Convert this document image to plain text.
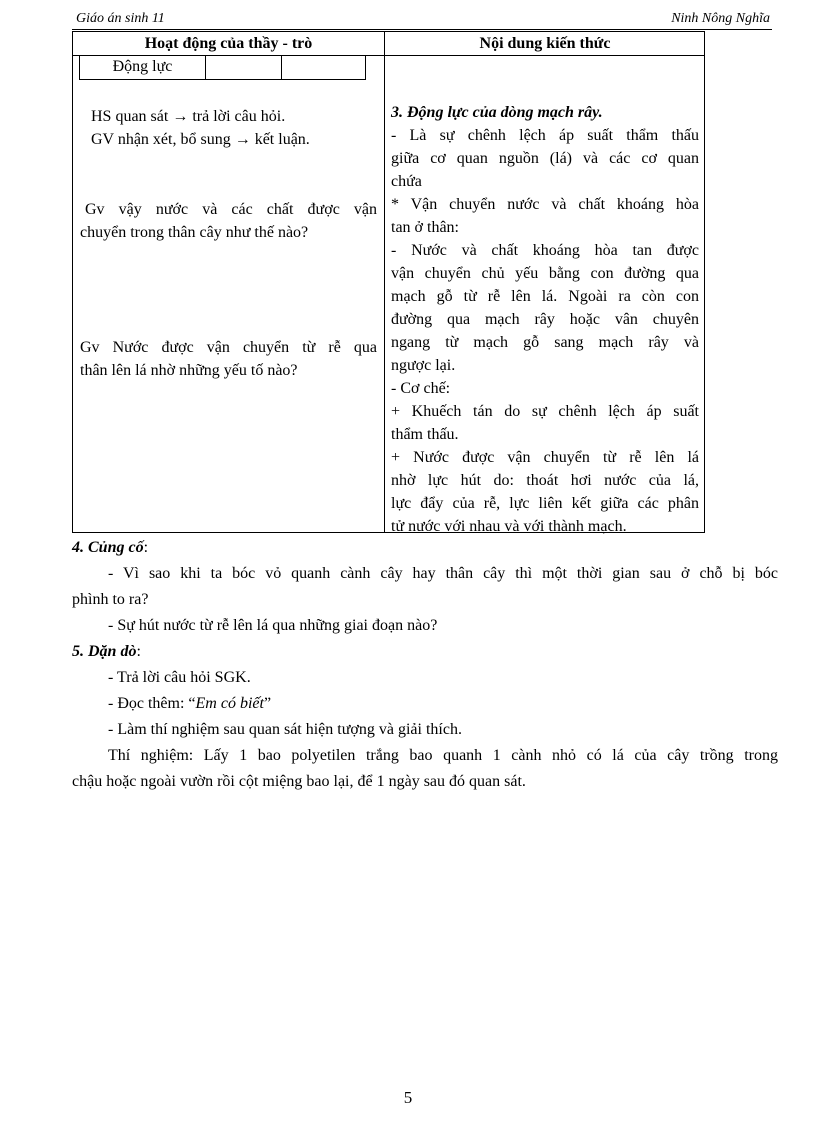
Giáo án sinh 11	Ninh Nông Nghĩa
Hoạt động của thầy - trò	Nội dung kiến thức
Động lực
HS quan sát → trả lời câu hỏi.
GV nhận xét, bổ sung → kết luận.
Gv vậy nước và các chất được vận
chuyển trong thân cây như thế nào?
Gv Nước được vận chuyển từ rễ qua
thân lên lá nhờ những yếu tố nào?
3. Động lực của dòng mạch rây.
- Là sự chênh lệch áp suất thẩm thấu
giữa cơ quan nguồn (lá) và các cơ quan
chứa
* Vận chuyển nước và chất khoáng hòa
tan ở thân:
- Nước và chất khoáng hòa tan được
vận chuyển chủ yếu bằng con đường qua
mạch gỗ từ rễ lên lá. Ngoài ra còn con
đường qua mạch rây hoặc vân chuyên
ngang từ mạch gỗ sang mạch rây và
ngược lại.
- Cơ chế:
+ Khuếch tán do sự chênh lệch áp suất
thẩm thấu.
+ Nước được vận chuyển từ rễ lên lá
nhờ lực hút do: thoát hơi nước của lá,
lực đẩy của rễ, lực liên kết giữa các phân
tử nước với nhau và với thành mạch.
4. Củng cố:
- Vì sao khi ta bóc vỏ quanh cành cây hay thân cây thì một thời gian sau ở chỗ bị bóc
phình to ra?
- Sự hút nước từ rễ lên lá qua những giai đoạn nào?
5. Dặn dò:
- Trả lời câu hỏi SGK.
- Đọc thêm: “Em có biết”
- Làm thí nghiệm sau quan sát hiện tượng và giải thích.
Thí nghiệm: Lấy 1 bao polyetilen trắng bao quanh 1 cành nhỏ có lá của cây trồng trong
chậu hoặc ngoài vườn rồi cột miệng bao lại, để 1 ngày sau đó quan sát.
5
